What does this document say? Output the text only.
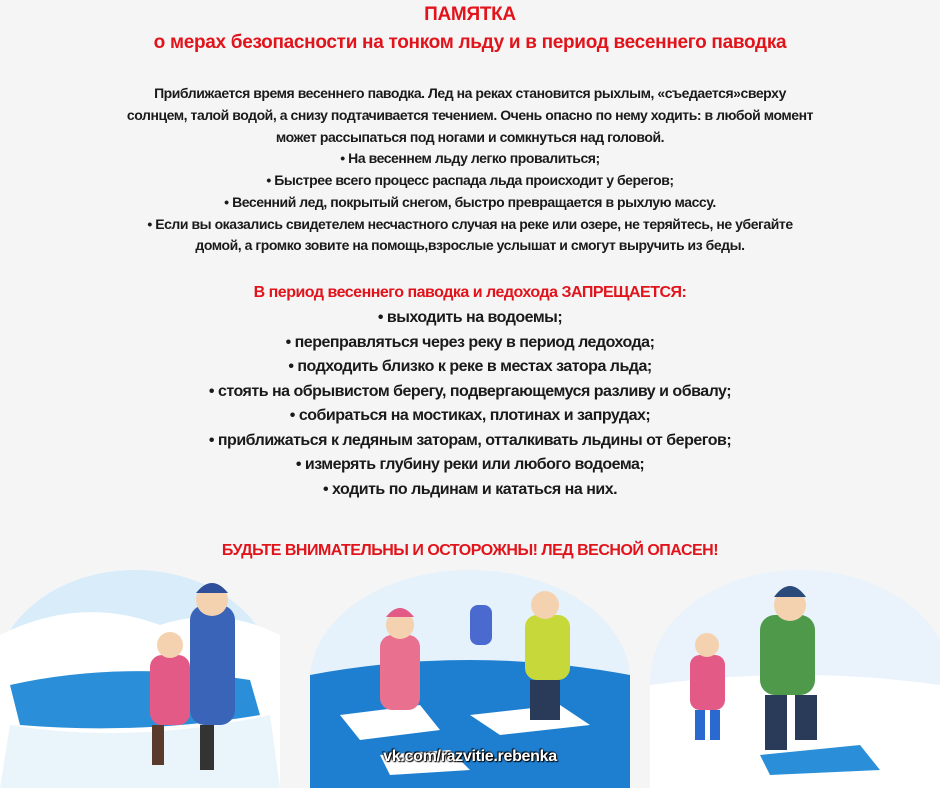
ПАМЯТКА
о мерах безопасности на тонком льду и в период весеннего паводка
Приближается время весеннего паводка. Лед на реках становится рыхлым, «съедается»сверху
солнцем, талой водой, а снизу подтачивается течением. Очень опасно по нему ходить: в любой момент
может рассыпаться под ногами и сомкнуться над головой.
• На весеннем льду легко провалиться;
• Быстрее всего процесс распада льда происходит у берегов;
• Весенний лед, покрытый снегом, быстро превращается в рыхлую массу.
• Если вы оказались свидетелем несчастного случая на реке или озере, не теряйтесь, не убегайте
домой, а громко зовите на помощь,взрослые услышат и смогут выручить из беды.
В период весеннего паводка и ледохода ЗАПРЕЩАЕТСЯ:
• выходить на водоемы;
• переправляться через реку в период ледохода;
• подходить близко к реке в местах затора льда;
• стоять на обрывистом берегу, подвергающемуся разливу и обвалу;
• собираться на мостиках, плотинах и запрудах;
• приближаться к ледяным заторам, отталкивать льдины от берегов;
• измерять глубину реки или любого водоема;
• ходить по льдинам и кататься на них.
БУДЬТЕ ВНИМАТЕЛЬНЫ И ОСТОРОЖНЫ! ЛЕД ВЕСНОЙ ОПАСЕН!
vk.com/razvitie.rebenka
